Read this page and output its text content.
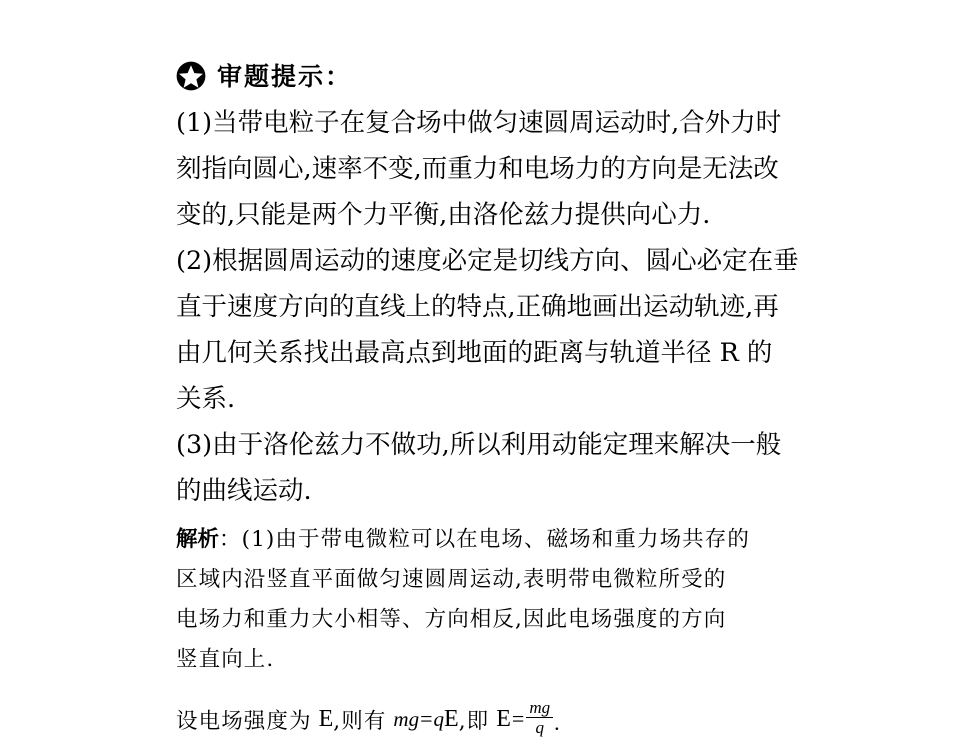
审题提示：
(1)当带电粒子在复合场中做匀速圆周运动时,合外力时
刻指向圆心,速率不变,而重力和电场力的方向是无法改
变的,只能是两个力平衡,由洛伦兹力提供向心力.
(2)根据圆周运动的速度必定是切线方向、圆心必定在垂
直于速度方向的直线上的特点,正确地画出运动轨迹,再
由几何关系找出最高点到地面的距离与轨道半径 R 的
关系.
(3)由于洛伦兹力不做功,所以利用动能定理来解决一般
的曲线运动.
解析：(1)由于带电微粒可以在电场、磁场和重力场共存的
区域内沿竖直平面做匀速圆周运动,表明带电微粒所受的
电场力和重力大小相等、方向相反,因此电场强度的方向
竖直向上.
设电场强度为 E ,则有 mg = q E ,即 $E = \frac{mg}{q}$ .
